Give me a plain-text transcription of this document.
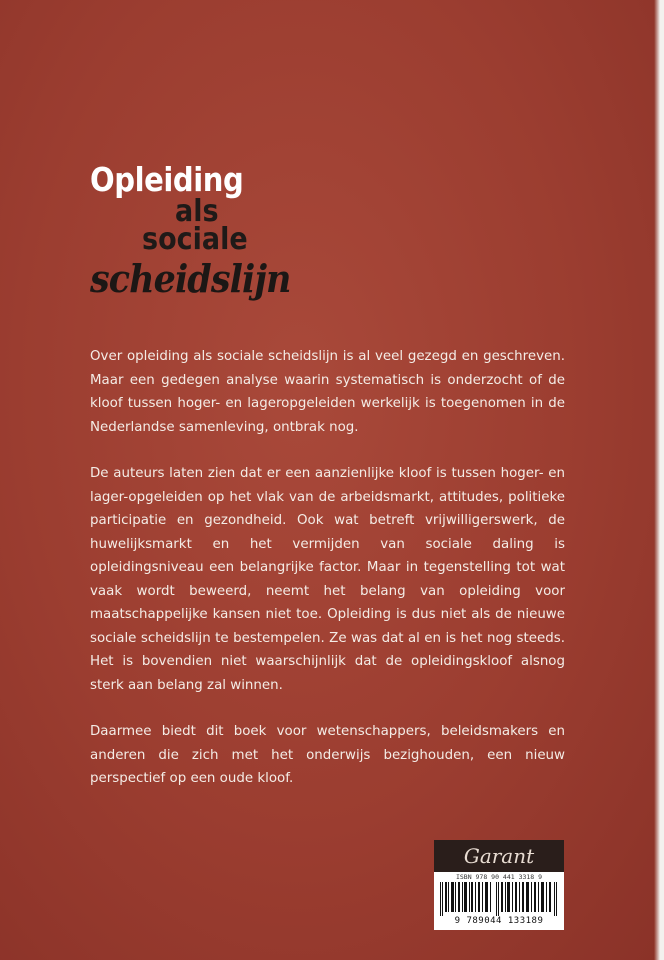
Opleiding
als
sociale
scheidslijn

Over opleiding als sociale scheidslijn is al veel gezegd en geschreven. Maar een gedegen analyse waarin systematisch is onderzocht of de kloof tussen hoger- en lageropgeleiden werkelijk is toegenomen in de Nederlandse samenleving, ontbrak nog.

De auteurs laten zien dat er een aanzienlijke kloof is tussen hoger- en lager-opgeleiden op het vlak van de arbeidsmarkt, attitudes, politieke participatie en gezondheid. Ook wat betreft vrijwilligerswerk, de huwelijksmarkt en het vermijden van sociale daling is opleidingsniveau een belangrijke factor. Maar in tegenstelling tot wat vaak wordt beweerd, neemt het belang van opleiding voor maatschappelijke kansen niet toe. Opleiding is dus niet als de nieuwe sociale scheidslijn te bestempelen. Ze was dat al en is het nog steeds. Het is bovendien niet waarschijnlijk dat de opleidingskloof alsnog sterk aan belang zal winnen.

Daarmee biedt dit boek voor wetenschappers, beleidsmakers en anderen die zich met het onderwijs bezighouden, een nieuw perspectief op een oude kloof.

Garant
ISBN 978 90 441 3318 9
9 789044 133189
